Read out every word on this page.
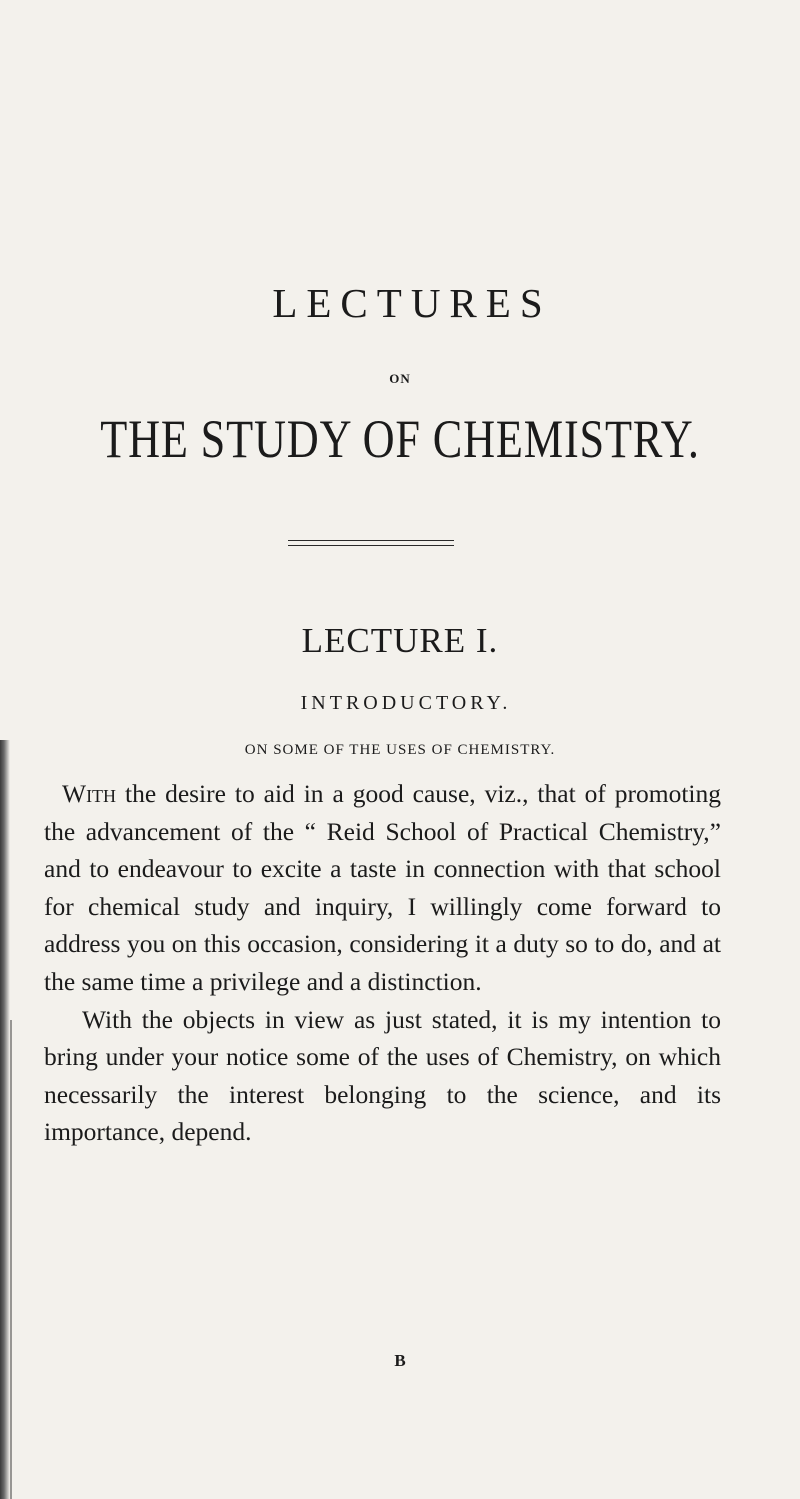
LECTURES
ON
THE STUDY OF CHEMISTRY.
LECTURE I.
INTRODUCTORY.
ON SOME OF THE USES OF CHEMISTRY.

With the desire to aid in a good cause, viz., that of promoting the advancement of the “ Reid School of Practical Chemistry,” and to endeavour to excite a taste in connection with that school for chemical study and inquiry, I willingly come forward to address you on this occasion, considering it a duty so to do, and at the same time a privilege and a distinction.

With the objects in view as just stated, it is my intention to bring under your notice some of the uses of Chemistry, on which necessarily the interest belonging to the science, and its importance, depend.

B
